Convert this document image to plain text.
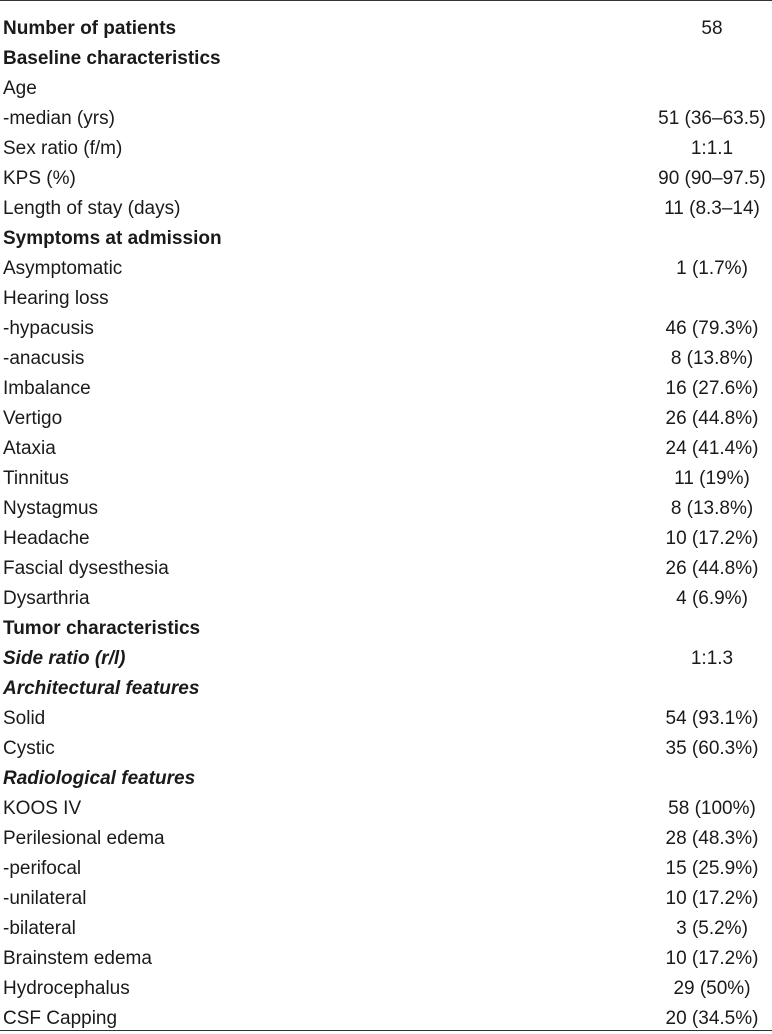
Number of patients	58
Baseline characteristics
Age
-median (yrs)	51 (36–63.5)
Sex ratio (f/m)	1:1.1
KPS (%)	90 (90–97.5)
Length of stay (days)	11 (8.3–14)
Symptoms at admission
Asymptomatic	1 (1.7%)
Hearing loss
-hypacusis	46 (79.3%)
-anacusis	8 (13.8%)
Imbalance	16 (27.6%)
Vertigo	26 (44.8%)
Ataxia	24 (41.4%)
Tinnitus	11 (19%)
Nystagmus	8 (13.8%)
Headache	10 (17.2%)
Fascial dysesthesia	26 (44.8%)
Dysarthria	4 (6.9%)
Tumor characteristics
Side ratio (r/l)	1:1.3
Architectural features
Solid	54 (93.1%)
Cystic	35 (60.3%)
Radiological features
KOOS IV	58 (100%)
Perilesional edema	28 (48.3%)
-perifocal	15 (25.9%)
-unilateral	10 (17.2%)
-bilateral	3 (5.2%)
Brainstem edema	10 (17.2%)
Hydrocephalus	29 (50%)
CSF Capping	20 (34.5%)
